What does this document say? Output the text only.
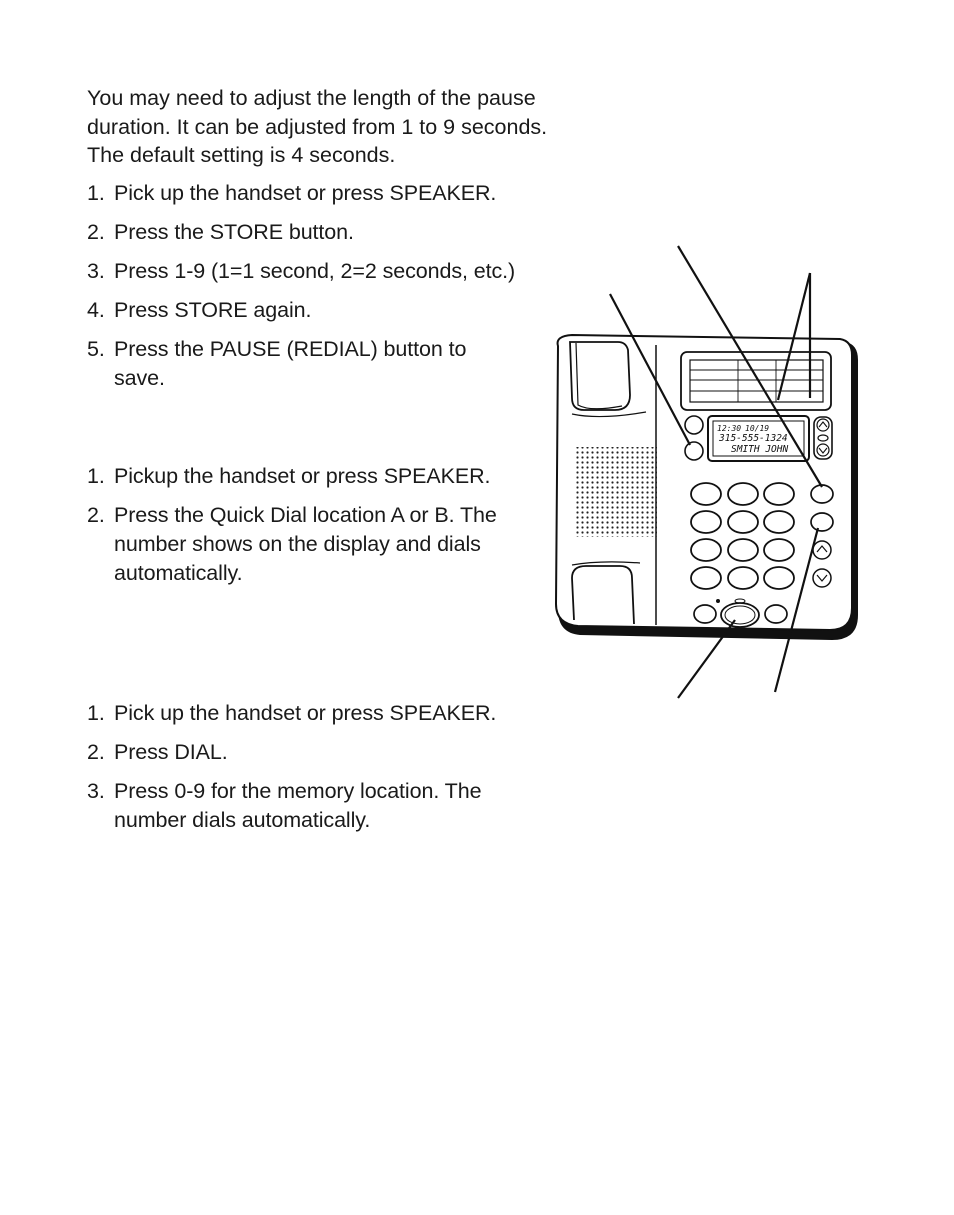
You may need to adjust the length of the pause duration. It can be adjusted from 1 to 9 seconds. The default setting is 4 seconds.
1. Pick up the handset or press SPEAKER.
2. Press the STORE button.
3. Press 1-9 (1=1 second, 2=2 seconds, etc.)
4. Press STORE again.
5. Press the PAUSE (REDIAL) button to save.
1. Pickup the handset or press SPEAKER.
2. Press the Quick Dial location A or B. The number shows on the display and dials automatically.
1. Pick up the handset or press SPEAKER.
2. Press DIAL.
3. Press 0-9 for the memory location. The number dials automatically.
12:30 10/19
315-555-1324
SMITH JOHN
